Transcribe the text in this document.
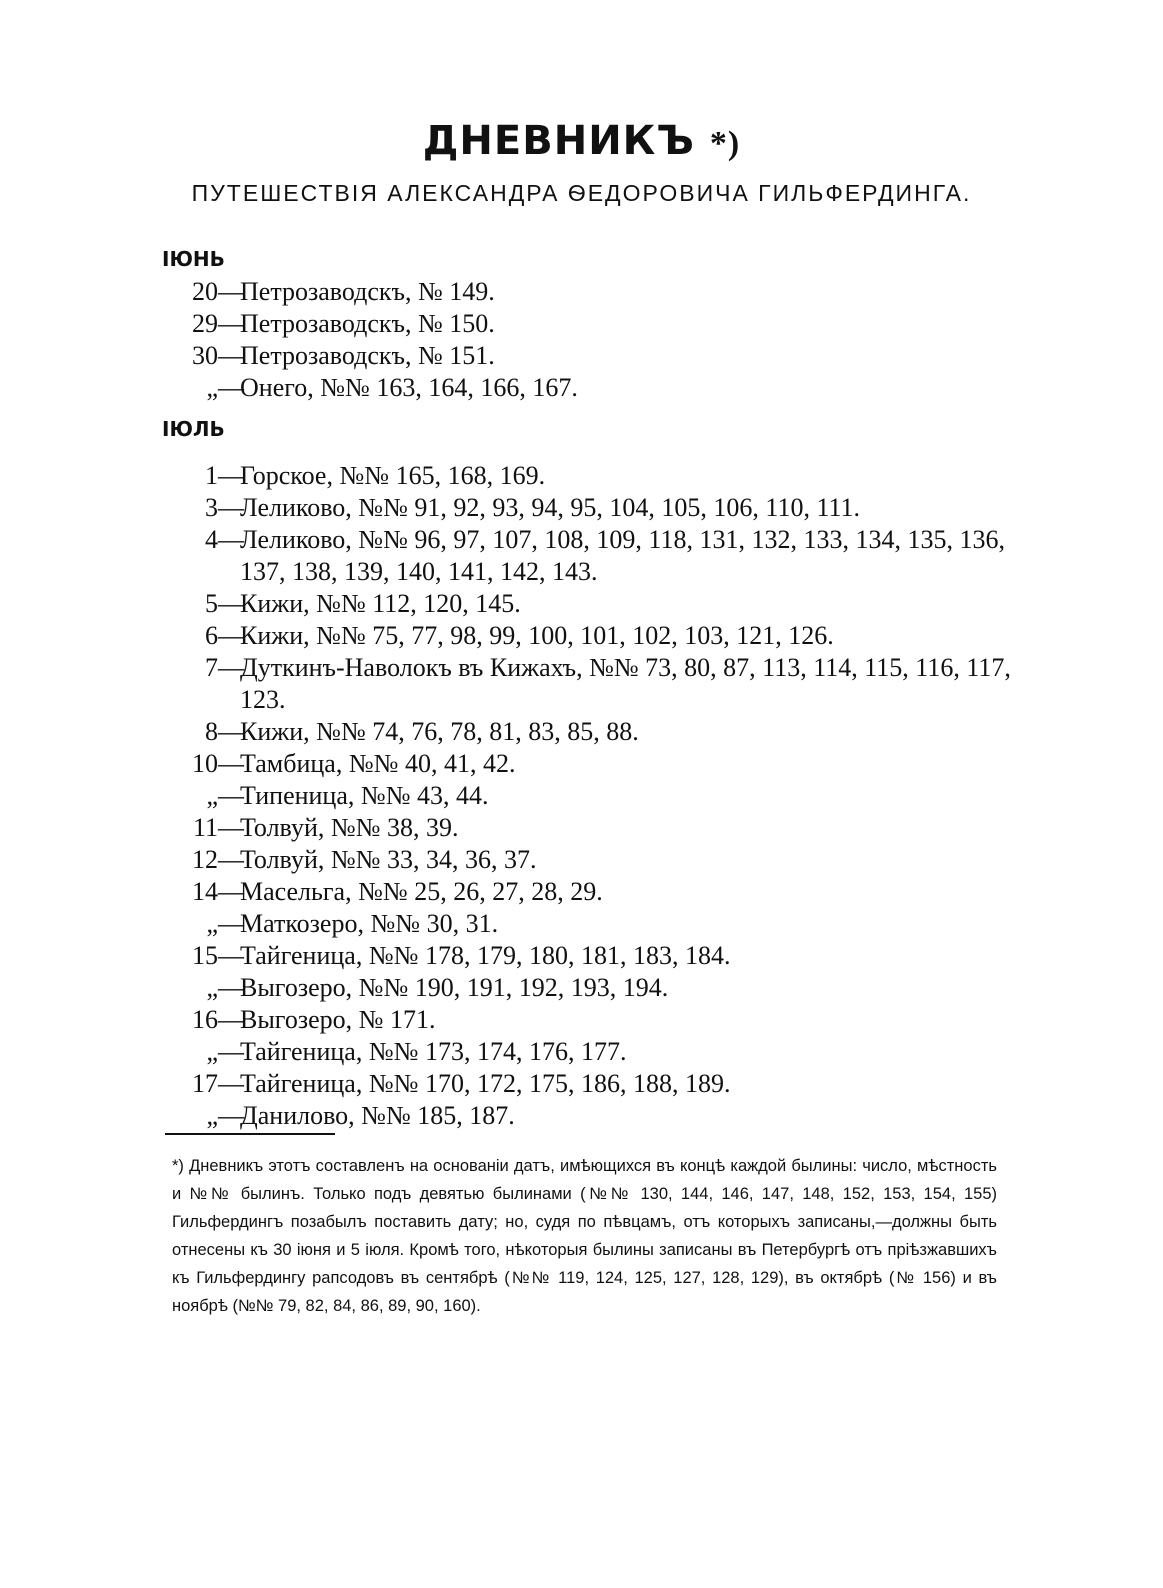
ДНЕВНИКЪ *)
ПУТЕШЕСТВІЯ АЛЕКСАНДРА ѲЕДОРОВИЧА ГИЛЬФЕРДИНГА.
ІЮНЬ
20 —
Петрозаводскъ, № 149.
29 —
Петрозаводскъ, № 150.
30 —
Петрозаводскъ, № 151.
„ —
Онего, №№ 163, 164, 166, 167.
ІЮЛЬ
1 —
Горское, №№ 165, 168, 169.
3 —
Леликово, №№ 91, 92, 93, 94, 95, 104, 105, 106, 110, 111.
4 —
Леликово, №№ 96, 97, 107, 108, 109, 118, 131, 132, 133, 134, 135, 136, 137, 138, 139, 140, 141, 142, 143.
5 —
Кижи, №№ 112, 120, 145.
6 —
Кижи, №№ 75, 77, 98, 99, 100, 101, 102, 103, 121, 126.
7 —
Дуткинъ-Наволокъ въ Кижахъ, №№ 73, 80, 87, 113, 114, 115, 116, 117, 123.
8 —
Кижи, №№ 74, 76, 78, 81, 83, 85, 88.
10 —
Тамбица, №№ 40, 41, 42.
„ —
Типеница, №№ 43, 44.
11 —
Толвуй, №№ 38, 39.
12 —
Толвуй, №№ 33, 34, 36, 37.
14 —
Масельга, №№ 25, 26, 27, 28, 29.
„ —
Маткозеро, №№ 30, 31.
15 —
Тайгеница, №№ 178, 179, 180, 181, 183, 184.
„ —
Выгозеро, №№ 190, 191, 192, 193, 194.
16 —
Выгозеро, № 171.
„ —
Тайгеница, №№ 173, 174, 176, 177.
17 —
Тайгеница, №№ 170, 172, 175, 186, 188, 189.
„ —
Данилово, №№ 185, 187.
*) Дневникъ этотъ составленъ на основаніи датъ, имѣющихся въ концѣ каждой былины: число, мѣстность и №№ былинъ. Только подъ девятью былинами (№№ 130, 144, 146, 147, 148, 152, 153, 154, 155) Гильфердингъ позабылъ поставить дату; но, судя по пѣвцамъ, отъ которыхъ записаны,—должны быть отнесены къ 30 іюня и 5 іюля. Кромѣ того, нѣкоторыя былины записаны въ Петербургѣ отъ пріѣзжавшихъ къ Гильфердингу рапсодовъ въ сентябрѣ (№№ 119, 124, 125, 127, 128, 129), въ октябрѣ (№ 156) и въ ноябрѣ (№№ 79, 82, 84, 86, 89, 90, 160).
